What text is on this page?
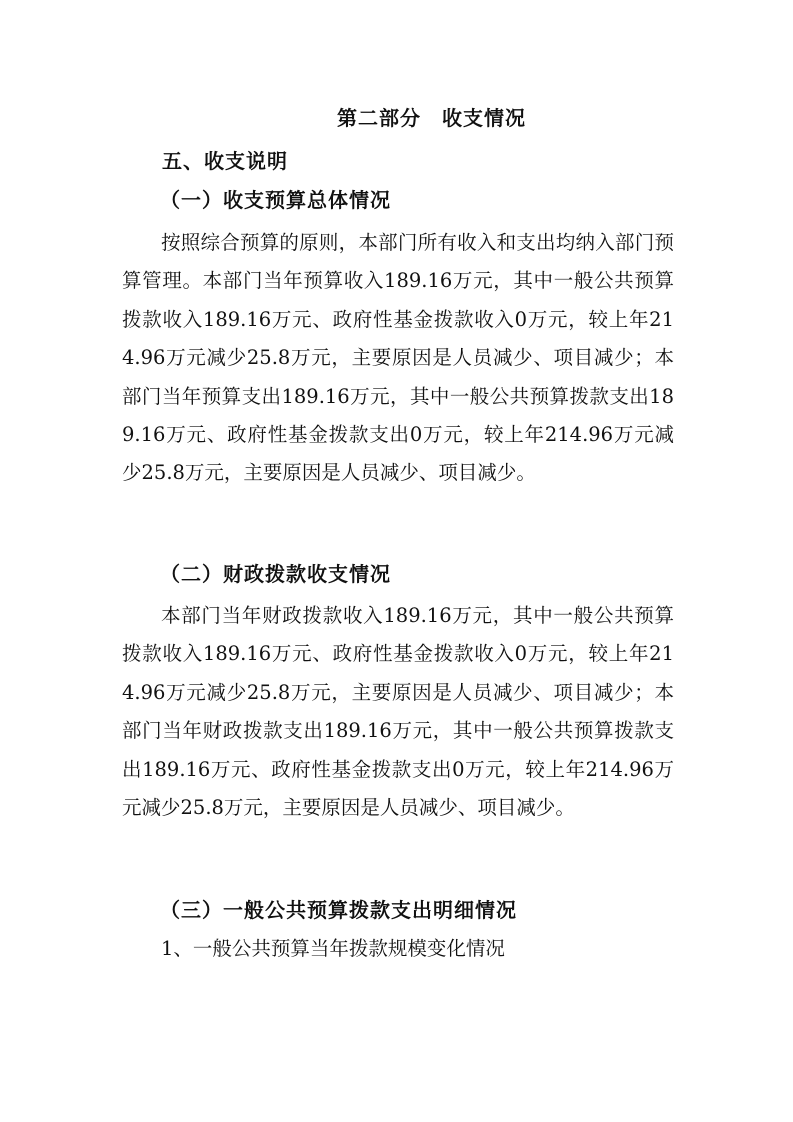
第二部分　收支情况
五、收支说明
（一）收支预算总体情况

按照综合预算的原则，本部门所有收入和支出均纳入部门预算管理。本部门当年预算收入189.16万元，其中一般公共预算拨款收入189.16万元、政府性基金拨款收入0万元，较上年214.96万元减少25.8万元，主要原因是人员减少、项目减少；本部门当年预算支出189.16万元，其中一般公共预算拨款支出189.16万元、政府性基金拨款支出0万元，较上年214.96万元减少25.8万元，主要原因是人员减少、项目减少。

（二）财政拨款收支情况

本部门当年财政拨款收入189.16万元，其中一般公共预算拨款收入189.16万元、政府性基金拨款收入0万元，较上年214.96万元减少25.8万元，主要原因是人员减少、项目减少；本部门当年财政拨款支出189.16万元，其中一般公共预算拨款支出189.16万元、政府性基金拨款支出0万元，较上年214.96万元减少25.8万元，主要原因是人员减少、项目减少。

（三）一般公共预算拨款支出明细情况
1、一般公共预算当年拨款规模变化情况
